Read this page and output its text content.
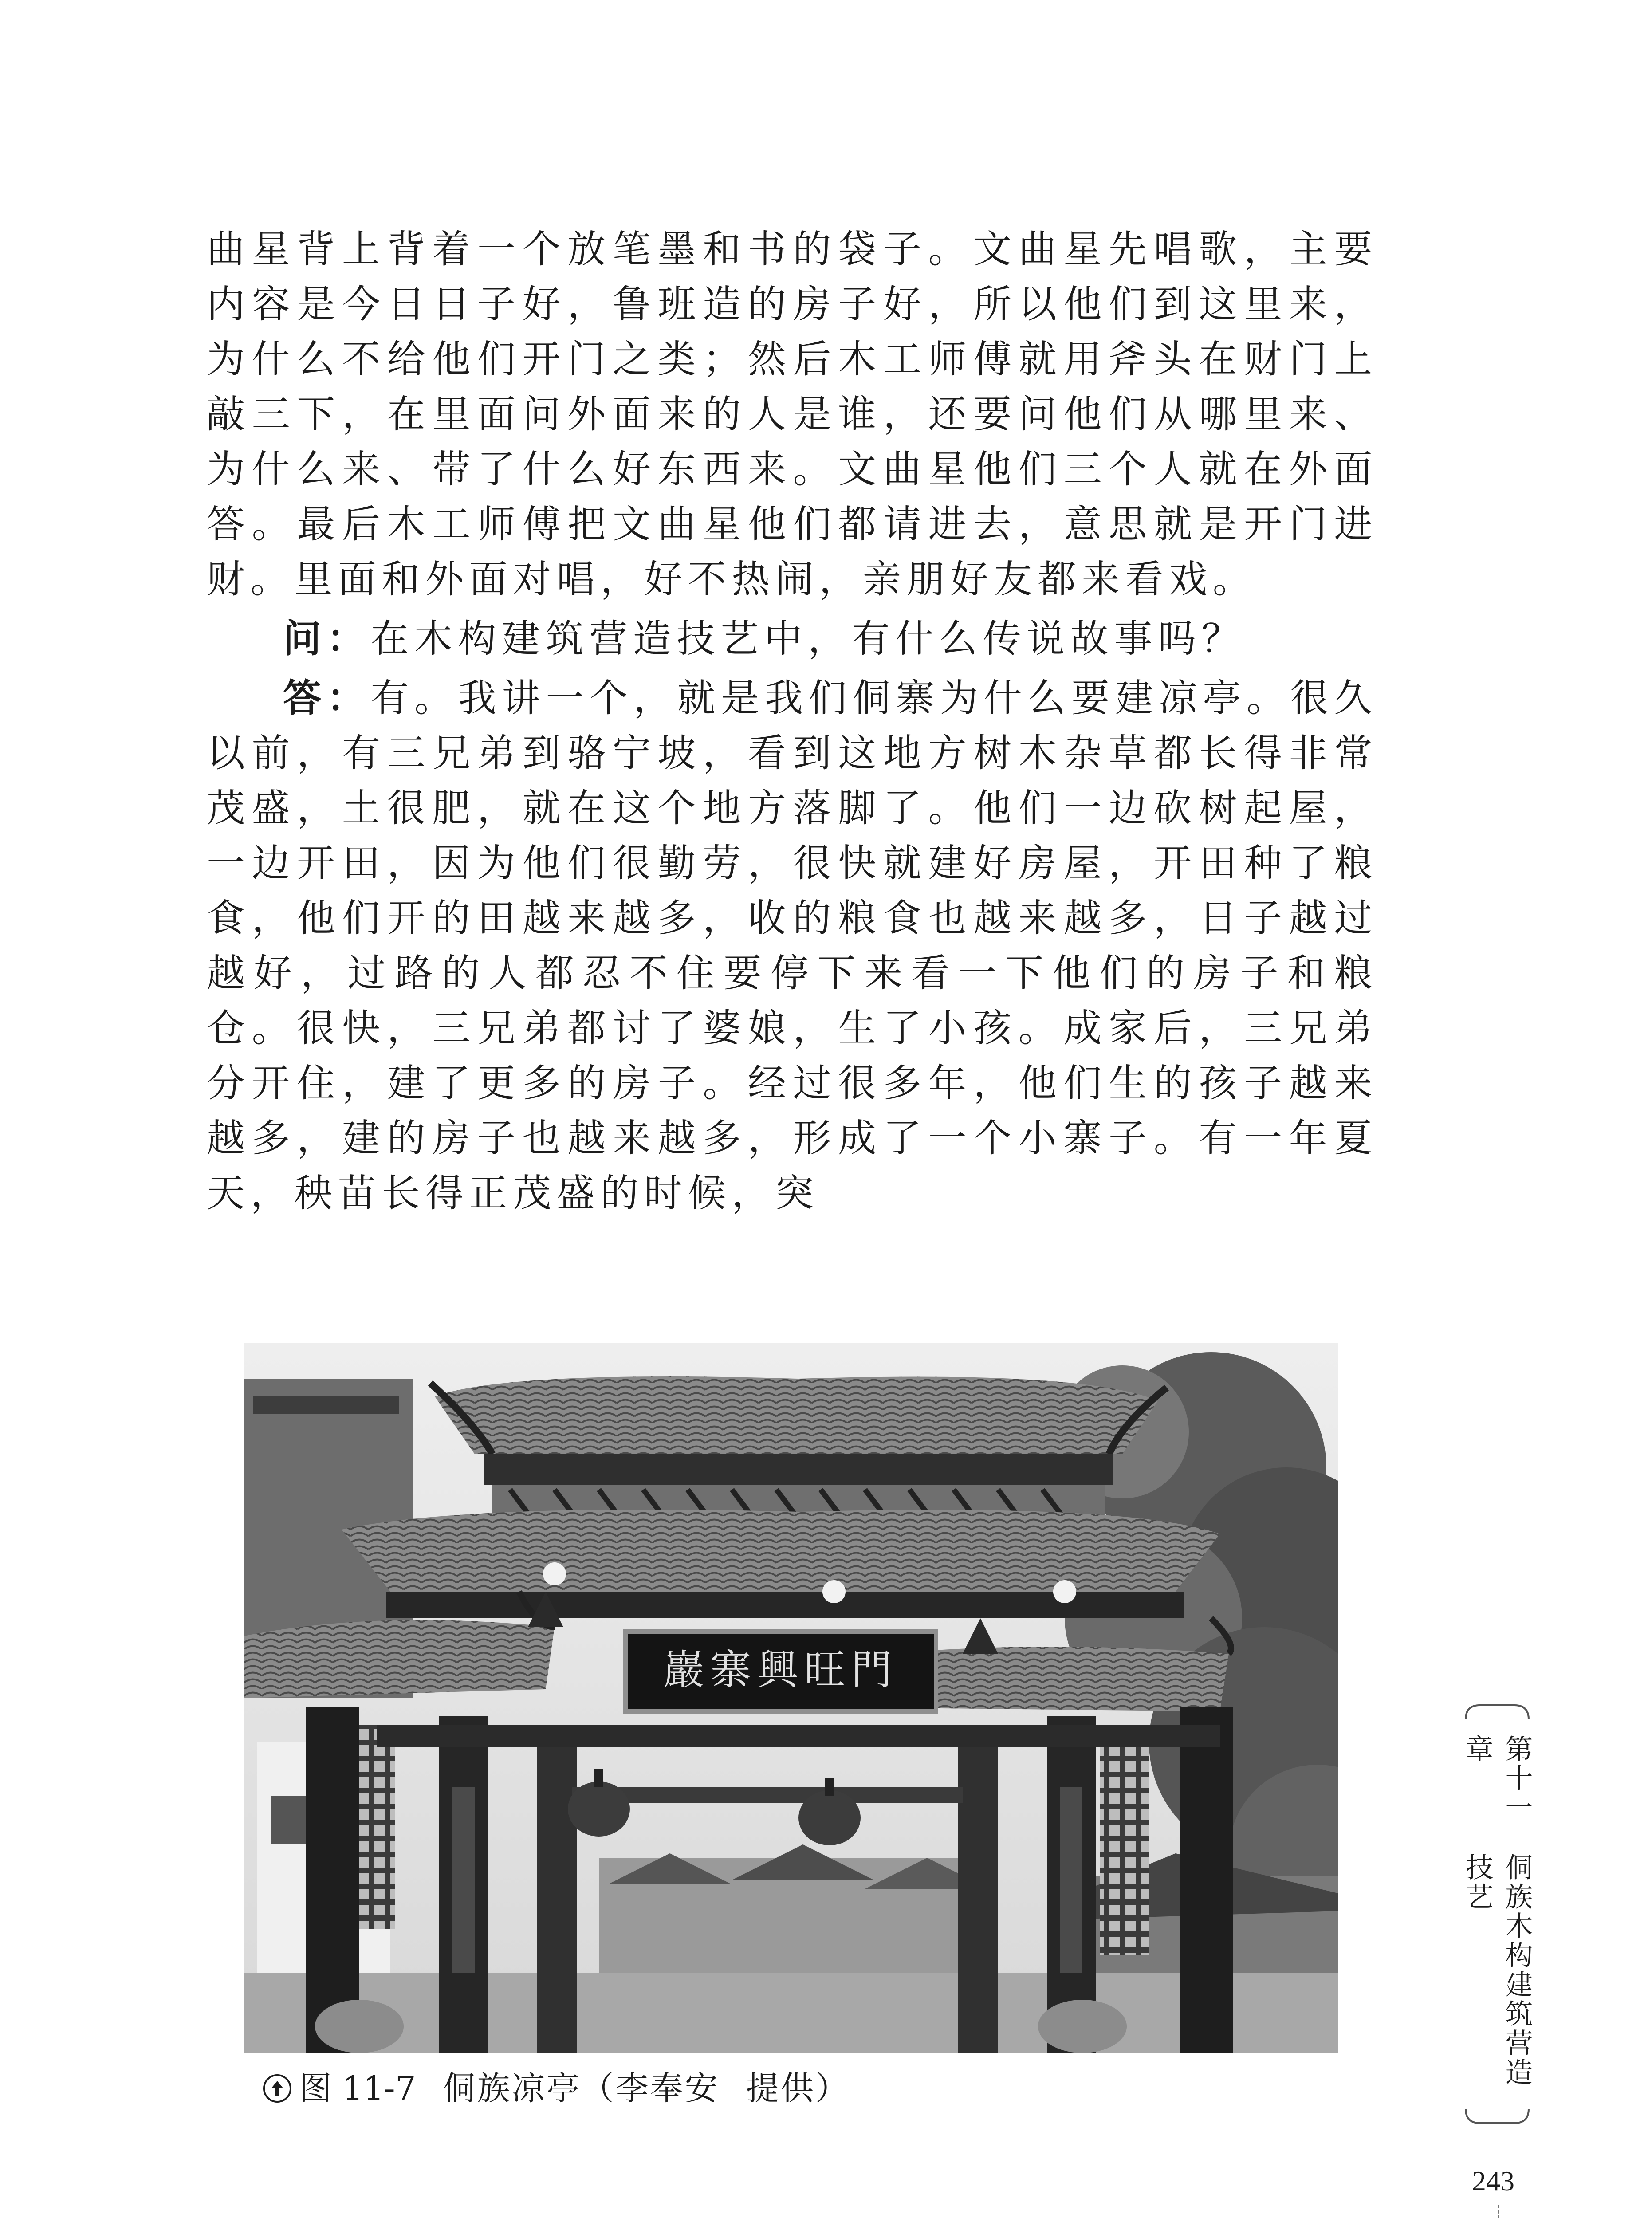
曲星背上背着一个放笔墨和书的袋子。文曲星先唱歌，主要内容是今日日子好，鲁班造的房子好，所以他们到这里来，为什么不给他们开门之类；然后木工师傅就用斧头在财门上敲三下，在里面问外面来的人是谁，还要问他们从哪里来、为什么来、带了什么好东西来。文曲星他们三个人就在外面答。最后木工师傅把文曲星他们都请进去，意思就是开门进财。里面和外面对唱，好不热闹，亲朋好友都来看戏。

问：在木构建筑营造技艺中，有什么传说故事吗？

答：有。我讲一个，就是我们侗寨为什么要建凉亭。很久以前，有三兄弟到骆宁坡，看到这地方树木杂草都长得非常茂盛，土很肥，就在这个地方落脚了。他们一边砍树起屋，一边开田，因为他们很勤劳，很快就建好房屋，开田种了粮食，他们开的田越来越多，收的粮食也越来越多，日子越过越好，过路的人都忍不住要停下来看一下他们的房子和粮仓。很快，三兄弟都讨了婆娘，生了小孩。成家后，三兄弟分开住，建了更多的房子。经过很多年，他们生的孩子越来越多，建的房子也越来越多，形成了一个小寨子。有一年夏天，秧苗长得正茂盛的时候，突

巖寨興旺門
图 11-7 侗族凉亭（李奉安 提供）
第十一章
侗族木构建筑营造技艺
243
